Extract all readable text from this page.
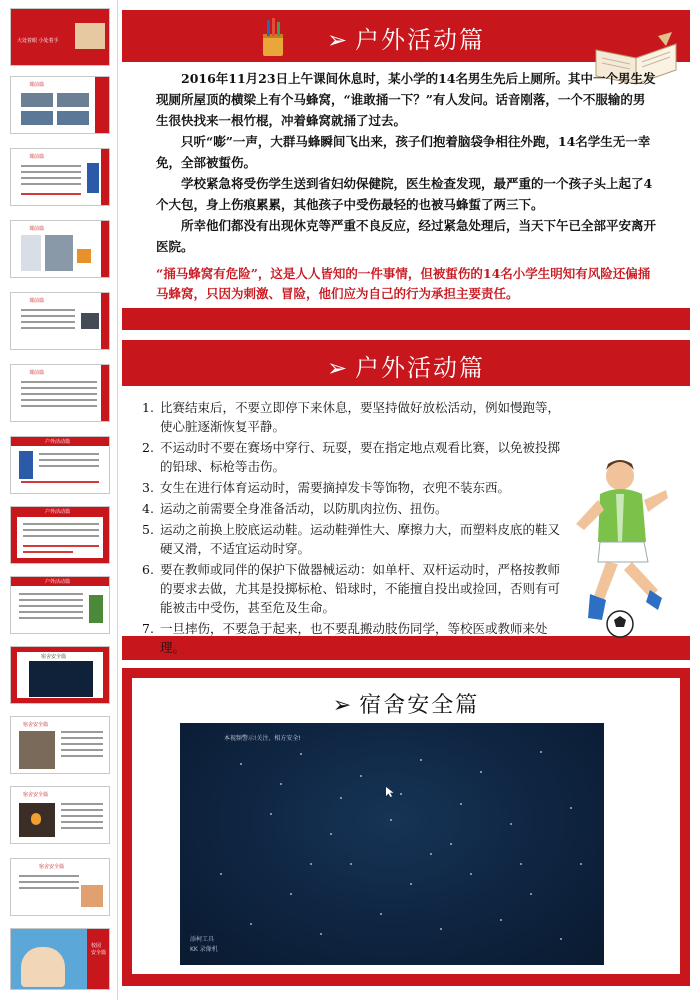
大处着眼 小处着手
课前篇
课前篇
课前篇
课前篇
课前篇
户外活动篇
户外活动篇
户外活动篇
宿舍安全篇
宿舍安全篇
宿舍安全篇
宿舍安全篇
校园 安全篇
➢ 户外活动篇

2016年11月23日上午课间休息时，某小学的14名男生先后上厕所。其中一个男生发现厕所屋顶的横梁上有个马蜂窝，“谁敢捅一下？”有人发问。话音刚落，一个不服输的男生很快找来一根竹棍，冲着蜂窝就捅了过去。

只听“嘭”一声，大群马蜂瞬间飞出来，孩子们抱着脑袋争相往外跑，14名学生无一幸免，全部被蜇伤。

学校紧急将受伤学生送到省妇幼保健院，医生检查发现，最严重的一个孩子头上起了4个大包，身上伤痕累累，其他孩子中受伤最轻的也被马蜂蜇了两三下。

所幸他们都没有出现休克等严重不良反应，经过紧急处理后，当天下午已全部平安离开医院。

“捅马蜂窝有危险”，这是人人皆知的一件事情，但被蜇伤的14名小学生明知有风险还偏捅马蜂窝，只因为刺激、冒险，他们应为自己的行为承担主要责任。
➢ 户外活动篇
1. 比赛结束后，不要立即停下来休息，要坚持做好放松活动，例如慢跑等，使心脏逐渐恢复平静。
2. 不运动时不要在赛场中穿行、玩耍，要在指定地点观看比赛，以免被投掷的铅球、标枪等击伤。
3. 女生在进行体育运动时，需要摘掉发卡等饰物，衣兜不装东西。
4. 运动之前需要全身准备活动，以防肌肉拉伤、扭伤。
5. 运动之前换上胶底运动鞋。运动鞋弹性大、摩擦力大，而塑料皮底的鞋又硬又滑，不适宜运动时穿。
6. 要在教师或同伴的保护下做器械运动：如单杆、双杆运动时，严格按教师的要求去做，尤其是投掷标枪、铅球时，不能擅自投出或捡回，否则有可能被击中受伤，甚至危及生命。
7. 一旦摔伤，不要急于起来，也不要乱搬动肢伤同学，等校医或教师来处理。
➢ 宿舍安全篇
本视频警示!关注、相方安全!
添柯工具
KK 录像机
